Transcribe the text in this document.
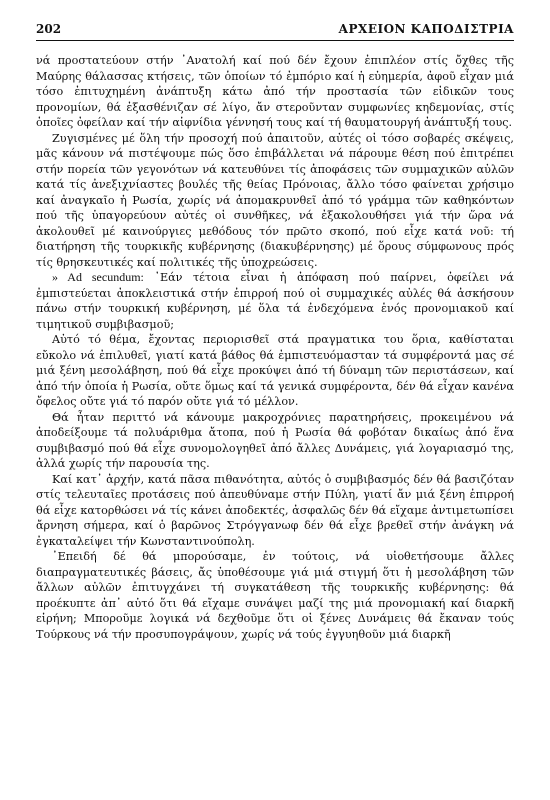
202	ΑΡΧΕΙΟΝ ΚΑΠΟΔΙΣΤΡΙΑ

νά προστατεύουν στήν ᾿Ανατολή καί πού δέν ἔχουν ἐπιπλέον στίς ὄχθες τῆς Μαύρης θάλασσας κτήσεις, τῶν ὁποίων τό ἐμπόριο καί ἡ εὐημερία, ἀφοῦ εἶχαν μιά τόσο ἐπιτυχημένη ἀνάπτυξη κάτω ἀπό τήν προστασία τῶν εἰδικῶν τους προνομίων, θά ἐξασθένιζαν σέ λίγο, ἄν στεροῦνταν συμφωνίες κηδεμονίας, στίς ὁποῖες ὀφείλαν καί τήν αἰφνίδια γέννησή τους καί τή θαυματουργή ἀνάπτυξή τους.

Ζυγισμένες μέ ὅλη τήν προσοχή πού ἀπαιτοῦν, αὐτές οἱ τόσο σοβαρές σκέψεις, μᾶς κάνουν νά πιστέψουμε πώς ὅσο ἐπιβάλλεται νά πάρουμε θέση πού ἐπιτρέπει στήν πορεία τῶν γεγονότων νά κατευθύνει τίς ἀποφάσεις τῶν συμμαχικῶν αὐλῶν κατά τίς ἀνεξιχνίαστες βουλές τῆς θείας Πρόνοιας, ἄλλο τόσο φαίνεται χρήσιμο καί ἀναγκαῖο ἡ Ρωσία, χωρίς νά ἀπομακρυνθεῖ ἀπό τό γράμμα τῶν καθηκόντων πού τῆς ὑπαγορεύουν αὐτές οἱ συνθῆκες, νά ἐξακολουθήσει γιά τήν ὥρα νά ἀκολουθεῖ μέ καινούργιες μεθόδους τόν πρῶτο σκοπό, πού εἶχε κατά νοῦ: τή διατήρηση τῆς τουρκικῆς κυβέρνησης (διακυβέρνησης) μέ ὅρους σύμφωνους πρός τίς θρησκευτικές καί πολιτικές τῆς ὑποχρεώσεις.

» Ad secundum: ᾿Εάν τέτοια εἶναι ἡ ἀπόφαση πού παίρνει, ὀφείλει νά ἐμπιστεύεται ἀποκλειστικά στήν ἐπιρροή πού οἱ συμμαχικές αὐλές θά ἀσκήσουν πάνω στήν τουρκική κυβέρνηση, μέ ὅλα τά ἐνδεχόμενα ἑνός προνομιακοῦ καί τιμητικοῦ συμβιβασμοῦ;

Αὐτό τό θέμα, ἔχοντας περιορισθεῖ στά πραγματικα του ὅρια, καθίσταται εὔκολο νά ἐπιλυθεῖ, γιατί κατά βάθος θά ἐμπιστευόμασταν τά συμφέροντά μας σέ μιά ξένη μεσολάβηση, πού θά εἶχε προκύψει ἀπό τή δύναμη τῶν περιστάσεων, καί ἀπό τήν ὁποία ἡ Ρωσία, οὔτε ὅμως καί τά γενικά συμφέροντα, δέν θά εἶχαν κανένα ὄφελος οὔτε γιά τό παρόν οὔτε γιά τό μέλλον.

Θά ἦταν περιττό νά κάνουμε μακροχρόνιες παρατηρήσεις, προκειμένου νά ἀποδείξουμε τά πολυάριθμα ἄτοπα, πού ἡ Ρωσία θά φοβόταν δικαίως ἀπό ἕνα συμβιβασμό πού θά εἶχε συνομολογηθεῖ ἀπό ἄλλες Δυνάμεις, γιά λογαριασμό της, ἀλλά χωρίς τήν παρουσία της.

Καί κατ᾿ ἀρχήν, κατά πᾶσα πιθανότητα, αὐτός ὁ συμβιβασμός δέν θά βασιζόταν στίς τελευταῖες προτάσεις πού ἀπευθύναμε στήν Πύλη, γιατί ἄν μιά ξένη ἐπιρροή θά εἶχε κατορθώσει νά τίς κάνει ἀποδεκτές, ἀσφαλῶς δέν θά εἴχαμε ἀντιμετωπίσει ἄρνηση σήμερα, καί ὁ βαρῶνος Στρόγγανωφ δέν θά εἶχε βρεθεῖ στήν ἀνάγκη νά ἐγκαταλείψει τήν Κωνσταντινούπολη.

᾿Επειδή δέ θά μπορούσαμε, ἐν τούτοις, νά υἱοθετήσουμε ἄλλες διαπραγματευτικές βάσεις, ἄς ὑποθέσουμε γιά μιά στιγμή ὅτι ἡ μεσολάβηση τῶν ἄλλων αὐλῶν ἐπιτυγχάνει τή συγκατάθεση τῆς τουρκικῆς κυβέρνησης: θά προέκυπτε ἀπ᾿ αὐτό ὅτι θά εἴχαμε συνάψει μαζί της μιά προνομιακή καί διαρκῆ εἰρήνη; Μποροῦμε λογικά νά δεχθοῦμε ὅτι οἱ ξένες Δυνάμεις θά ἔκαναν τούς Τούρκους νά τήν προσυπογράψουν, χωρίς νά τούς ἐγγυηθοῦν μιά διαρκῆ
